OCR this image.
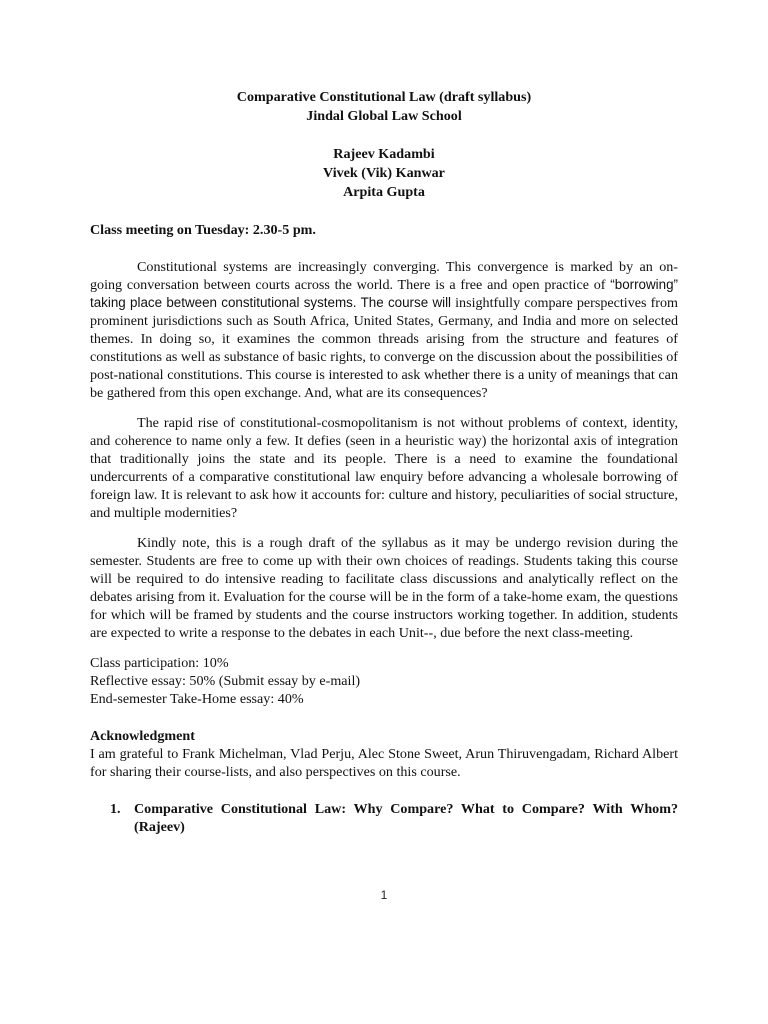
Comparative Constitutional Law (draft syllabus)
Jindal Global Law School
Rajeev Kadambi
Vivek (Vik) Kanwar
Arpita Gupta
Class meeting on Tuesday: 2.30-5 pm.

Constitutional systems are increasingly converging. This convergence is marked by an on-going conversation between courts across the world. There is a free and open practice of “borrowing” taking place between constitutional systems. The course will insightfully compare perspectives from prominent jurisdictions such as South Africa, United States, Germany, and India and more on selected themes. In doing so, it examines the common threads arising from the structure and features of constitutions as well as substance of basic rights, to converge on the discussion about the possibilities of post-national constitutions. This course is interested to ask whether there is a unity of meanings that can be gathered from this open exchange. And, what are its consequences?

The rapid rise of constitutional-cosmopolitanism is not without problems of context, identity, and coherence to name only a few. It defies (seen in a heuristic way) the horizontal axis of integration that traditionally joins the state and its people. There is a need to examine the foundational undercurrents of a comparative constitutional law enquiry before advancing a wholesale borrowing of foreign law. It is relevant to ask how it accounts for: culture and history, peculiarities of social structure, and multiple modernities?

Kindly note, this is a rough draft of the syllabus as it may be undergo revision during the semester. Students are free to come up with their own choices of readings. Students taking this course will be required to do intensive reading to facilitate class discussions and analytically reflect on the debates arising from it. Evaluation for the course will be in the form of a take-home exam, the questions for which will be framed by students and the course instructors working together. In addition, students are expected to write a response to the debates in each Unit--, due before the next class-meeting.

Class participation: 10%
Reflective essay: 50% (Submit essay by e-mail)
End-semester Take-Home essay: 40%
Acknowledgment
I am grateful to Frank Michelman, Vlad Perju, Alec Stone Sweet, Arun Thiruvengadam, Richard Albert for sharing their course-lists, and also perspectives on this course.
1. Comparative Constitutional Law: Why Compare? What to Compare? With Whom? (Rajeev)
1
